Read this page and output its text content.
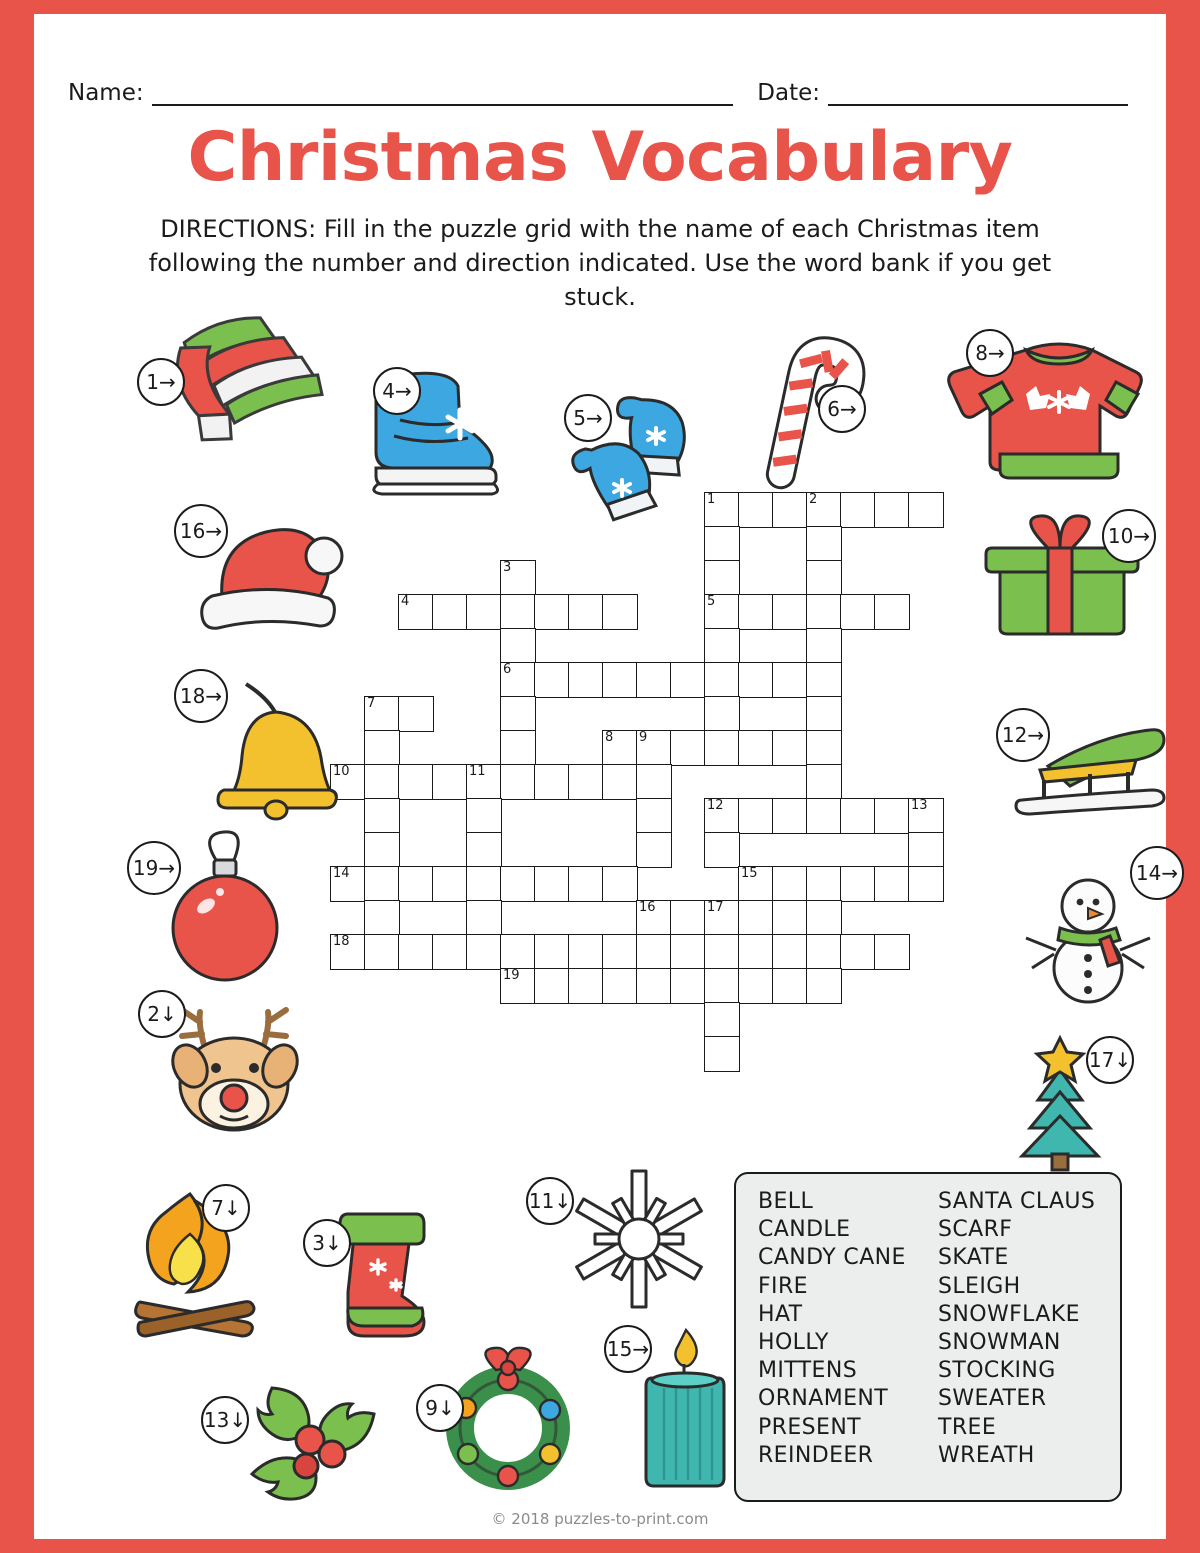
Name:	Date:
Christmas Vocabulary
DIRECTIONS: Fill in the puzzle grid with the name of each Christmas item following the number and direction indicated. Use the word bank if you get stuck.
1→	4→
5→	6→
8→
16→	10→
18→
12→
19→	14→
2↓
17↓
7↓
3↓
11↓
13↓	9↓
15→
1	2
3
4	5
6
7
8 9
10	11
12	13
14	15
16	17
18
19
BELL
CANDLE
CANDY CANE
FIRE
HAT
HOLLY
MITTENS
ORNAMENT
PRESENT
REINDEER
SANTA CLAUS
SCARF
SKATE
SLEIGH
SNOWFLAKE
SNOWMAN
STOCKING
SWEATER
TREE
WREATH
© 2018 puzzles-to-print.com
